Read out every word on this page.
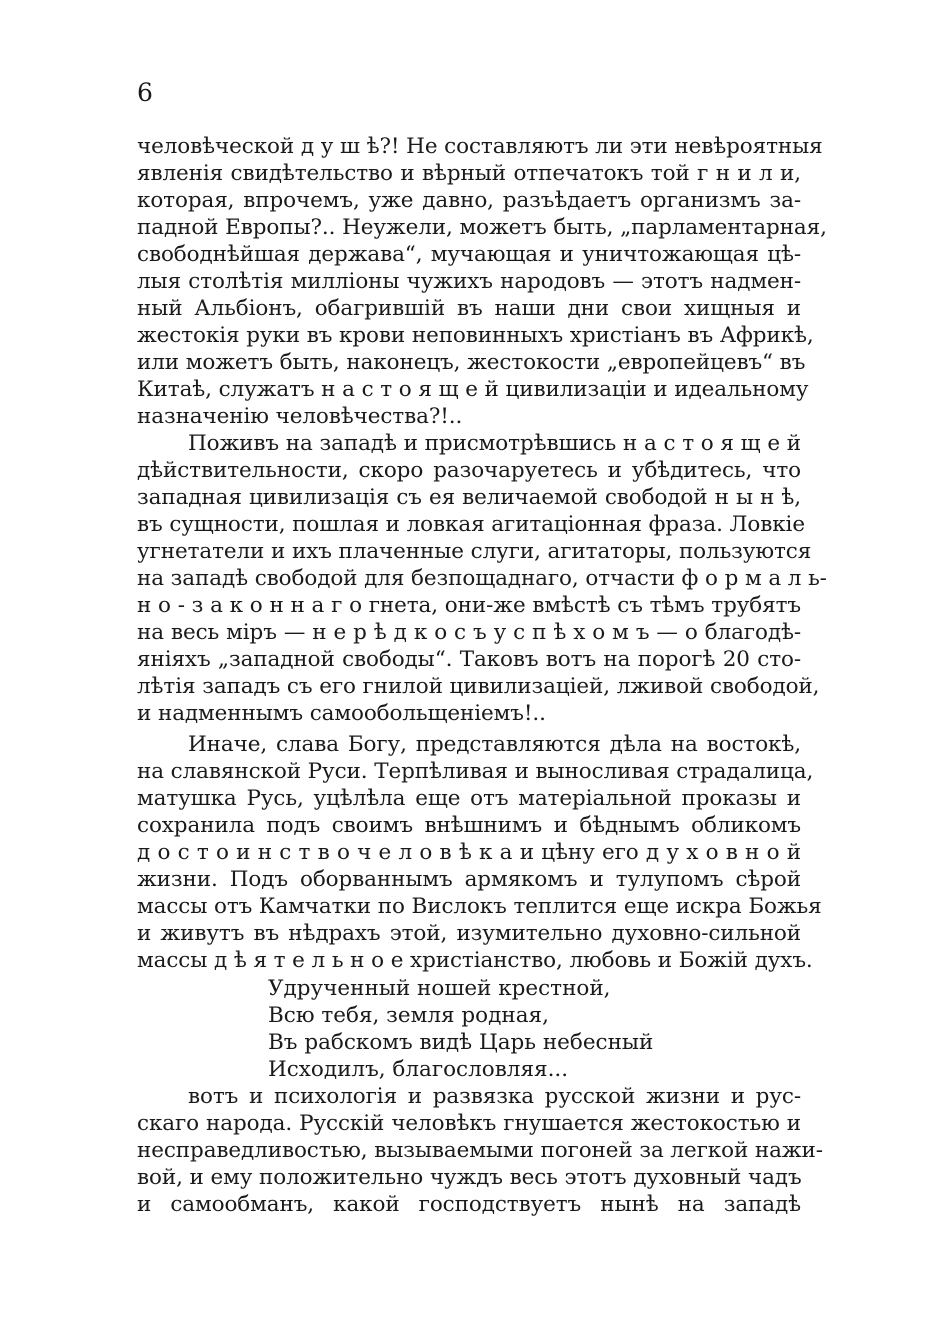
6
человѣческой д у ш ѣ?! Не составляютъ ли эти невѣроятныя
явленія свидѣтельство и вѣрный отпечатокъ той г н и л и,
которая, впрочемъ, уже давно, разъѣдаетъ организмъ за-
падной Европы?.. Неужели, можетъ быть, „парламентарная,
свободнѣйшая держава“, мучающая и уничтожающая цѣ-
лыя столѣтія милліоны чужихъ народовъ — этотъ надмен-
ный Альбіонъ, обагрившій въ наши дни свои хищныя и
жестокія руки въ крови неповинныхъ христіанъ въ Африкѣ,
или можетъ быть, наконецъ, жестокости „европейцевъ“ въ
Китаѣ, служатъ н а с т о я щ е й цивилизаціи и идеальному
назначенію человѣчества?!..
Поживъ на западѣ и присмотрѣвшись н а с т о я щ е й
дѣйствительности, скоро разочаруетесь и убѣдитесь, что
западная цивилизація съ ея величаемой свободой н ы н ѣ,
въ сущности, пошлая и ловкая агитаціонная фраза. Ловкіе
угнетатели и ихъ плаченные слуги, агитаторы, пользуются
на западѣ свободой для безпощаднаго, отчасти ф о р м а л ь-
н о - з а к о н н а г о гнета, они-же вмѣстѣ съ тѣмъ трубятъ
на весь міръ — н е р ѣ д к о с ъ у с п ѣ х о м ъ — о благодѣ-
яніяхъ „западной свободы“. Таковъ вотъ на порогѣ 20 сто-
лѣтія западъ съ его гнилой цивилизаціей, лживой свободой,
и надменнымъ самообольщеніемъ!..
Иначе, слава Богу, представляются дѣла на востокѣ,
на славянской Руси. Терпѣливая и выносливая страдалица,
матушка Русь, уцѣлѣла еще отъ матеріальной проказы и
сохранила подъ своимъ внѣшнимъ и бѣднымъ обликомъ
д о с т о и н с т в о ч е л о в ѣ к а и цѣну его д у х о в н о й
жизни. Подъ оборваннымъ армякомъ и тулупомъ сѣрой
массы отъ Камчатки по Вислокъ теплится еще искра Божья
и живутъ въ нѣдрахъ этой, изумительно духовно-сильной
массы д ѣ я т е л ь н о е христіанство, любовь и Божій духъ.
Удрученный ношей крестной,
Всю тебя, земля родная,
Въ рабскомъ видѣ Царь небесный
Исходилъ, благословляя...
вотъ и психологія и развязка русской жизни и рус-
скаго народа. Русскій человѣкъ гнушается жестокостью и
несправедливостью, вызываемыми погоней за легкой нажи-
вой, и ему положительно чуждъ весь этотъ духовный чадъ
и самообманъ, какой господствуетъ нынѣ на западѣ
